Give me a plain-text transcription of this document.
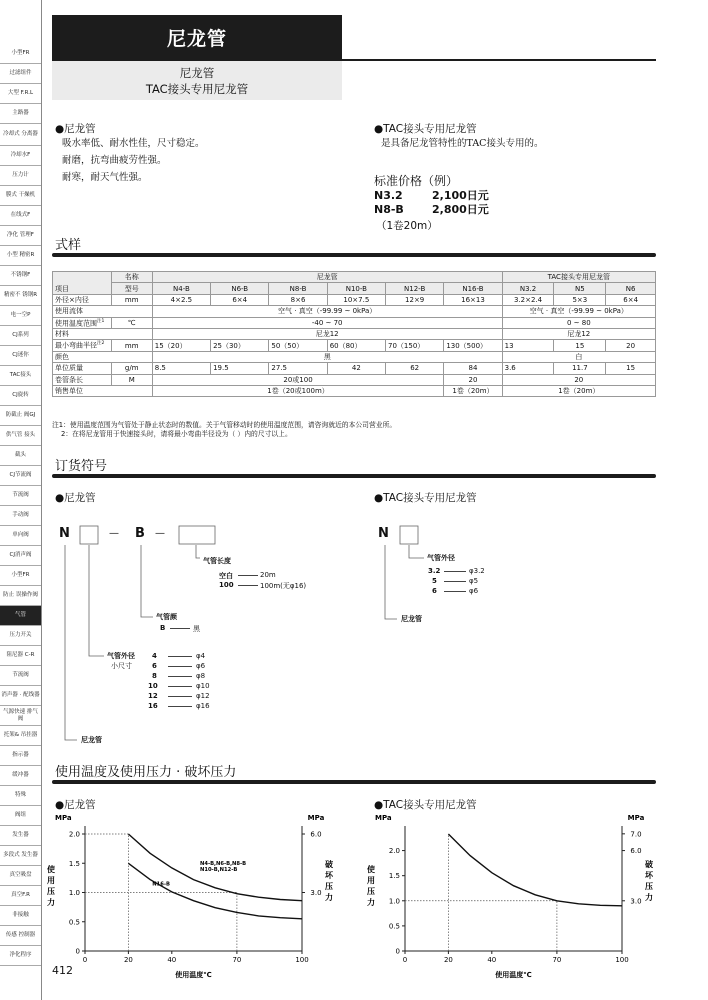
小型FR
过滤组件
大型 F.R.L
主路器
冷却式 分离器
冷却水F
压力计
膜式 干燥机
在线式F
净化 管理F
小型 精密R
不锈钢F
精密不 锈钢R
电一空P
CJ系列
CJ迷你
TAC接头
CJ旋转
防截止 阀GJ
供气管 接头
截头
CJ节流阀
节流阀
手动阀
单向阀
CJ消声阀
小型FR
防止 误操作阀
气管
压力开关
阻尼器 C-R
节流阀
消声器 · 配线器
气源快速 排气阀
托架& 吊挂器
指示器
缓冲器
特殊
阀组
发生器
多段式 发生器
真空吸盘
真空F.R
非接触
传感 控制器
净化程序
尼龙管
尼龙管
TAC接头专用尼龙管
●尼龙管
吸水率低、耐水性佳，尺寸稳定。
耐磨，抗弯曲疲劳性强。
耐寒，耐天气性强。
●TAC接头专用尼龙管
是具备尼龙管特性的TAC接头专用的。
标准价格（例）
N3.2	2,100日元
N8-B	2,800日元
（1卷20m）
式样
项目	名称	尼龙管						TAC接头专用尼龙管		
	型号	N4-B	N6-B	N8-B	N10-B	N12-B	N16-B	N3.2	N5	N6
外径×内径	mm	4×2.5	6×4	8×6	10×7.5	12×9	16×13	3.2×2.4	5×3	6×4
使用流体		空气 · 真空（-99.99 ~ 0kPa）						空气 · 真空（-99.99 ~ 0kPa）		
使用温度范围$^{注1}$	℃	-40 ~ 70						0 ~ 80		
材料		尼龙12						尼龙12		
最小弯曲半径$^{注2}$	mm	15（20）	25（30）	50（50）	60（80）	70（150）	130（500）	13	15	20
颜色		黑						白		
单位质量	g/m	8.5	19.5	27.5	42	62	84	3.6	11.7	15
卷管条长	M	20或100					20	20		
销售单位		1卷（20或100m）					1卷（20m）	1卷（20m）		
注1：使用温度范围为气管处于静止状态时的数值。关于气管移动时的使用温度范围，请咨询就近的本公司营业所。
2：在将尼龙管用于快速接头时，请将最小弯曲半径设为（ ）内的尺寸以上。
订货符号
●尼龙管	●TAC接头专用尼龙管
N	— B —
气管长度
空白	20m
100	100m(无φ16)
气管颜
B	黑
气管外径
小尺寸
4	φ4
6	φ6
8	φ8
10	φ10
12	φ12
16	φ16
尼龙管
N
气管外径
3.2	φ3.2
5	φ5
6	φ6
尼龙管
使用温度及使用压力 · 破坏压力
●尼龙管	●TAC接头专用尼龙管
0
0.5
1.0
1.5
2.0
0	20	40	70	100
3.0
6.0
MPa	MPa
使
用
压
力
破
坏
压
力
使用温度℃
N4-B,N6-B,N8-B N10-B,N12-B
N16-B
0
0.5
1.0
1.5
2.0
0	20	40	70	100
3.0
6.0
7.0
MPa	MPa
使
用
压
力
破
坏
压
力
使用温度℃
412
